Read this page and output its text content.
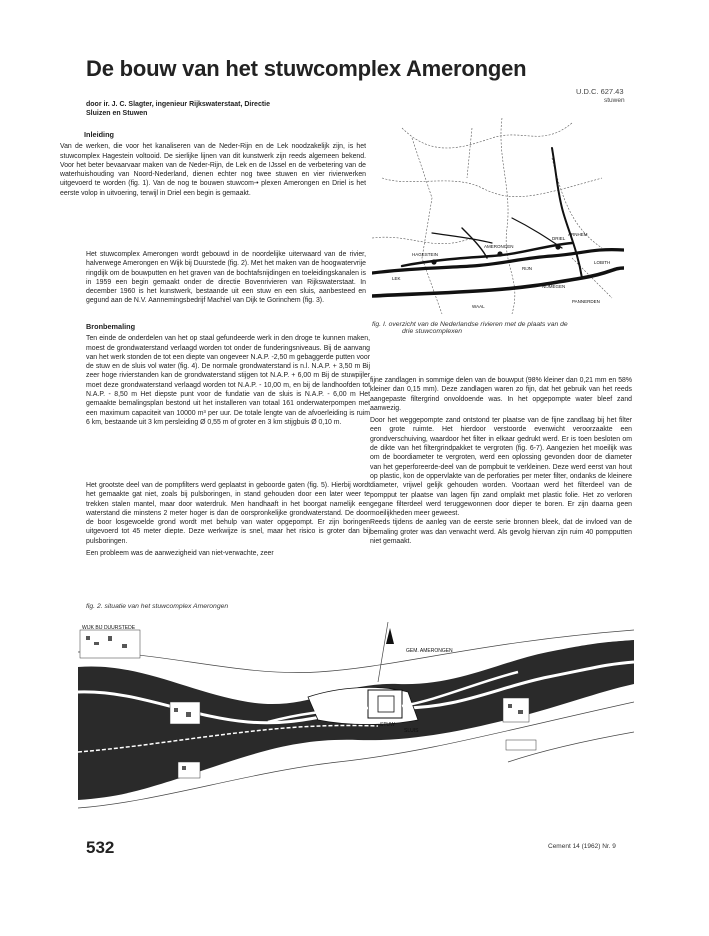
De bouw van het stuwcomplex Amerongen
U.D.C. 627.43
stuwen
door ir. J. C. Slagter, ingenieur Rijkswaterstaat, Directie
Sluizen en Stuwen
Inleiding

Van de werken, die voor het kanaliseren van de Neder-Rijn en de Lek noodzakelijk zijn, is het stuwcomplex Hagestein voltooid. De sierlijke lijnen van dit kunstwerk zijn reeds algemeen bekend. Voor het beter bevaarvaar maken van de Neder-Rijn, de Lek en de IJssel en de verbetering van de waterhuishouding van Noord-Nederland, dienen echter nog twee stuwen en vier rivierwerken uitgevoerd te worden (fig. 1). Van de nog te bouwen stuwcom-• plexen Amerongen en Driel is het eerste volop in uitvoering, terwijl in Driel een begin is gemaakt.

Het stuwcomplex Amerongen wordt gebouwd in de noordelijke uiterwaard van de rivier, halverwege Amerongen en Wijk bij Duurstede (fig. 2). Met het maken van de hoogwatervrije ringdijk om de bouwputten en het graven van de bochtafsnijdingen en toeleidingskanalen is in 1959 een begin gemaakt onder de directie Bovenrivieren van Rijkswaterstaat. In december 1960 is het kunstwerk, bestaande uit een stuw en een sluis, aanbesteed en gegund aan de N.V. Aannemingsbedrijf Machiel van Dijk te Gorinchem (fig. 3).

Bronbemaling

Ten einde de onderdelen van het op staal gefundeerde werk in den droge te kunnen maken, moest de grondwaterstand verlaagd worden tot onder de funderingsniveaus. Bij de aanvang van het werk stonden de tot een diepte van ongeveer N.A.P. -2,50 m gebaggerde putten voor de stuw en de sluis vol water (fig. 4). De normale grondwaterstand is n.l. N.A.P. + 3,50 m Bij zeer hoge rivierstanden kan de grondwaterstand stijgen tot N.A.P. + 6,00 m Bij de stuwpijler moet deze grondwaterstand verlaagd worden tot N.A.P. - 10,00 m, en bij de landhoofden tot N.A.P. - 8,50 m Het diepste punt voor de fundatie van de sluis is N.A.P. - 6,00 m Het gemaakte bemalingsplan bestond uit het installeren van totaal 161 onderwaterpompen met een maximum capaciteit van 10000 m³ per uur. De totale lengte van de afvoerleiding is ruim 6 km, bestaande uit 3 km persleiding Ø 0,55 m of groter en 3 km stijgbuis Ø 0,10 m.

Het grootste deel van de pompfilters werd geplaatst in geboorde gaten (fig. 5). Hierbij wordt het gemaakte gat niet, zoals bij pulsboringen, in stand gehouden door een later weer te trekken stalen mantel, maar door waterdruk. Men handhaaft in het boorgat namelijk een waterstand die minstens 2 meter hoger is dan de oorspronkelijke grondwaterstand. De door de boor losgewoelde grond wordt met behulp van water opgepompt. Er zijn boringen uitgevoerd tot 45 meter diepte. Deze werkwijze is snel, maar het risico is groter dan bij pulsboringen.

Een probleem was de aanwezigheid van niet-verwachte, zeer

HAGESTEIN
AMERONGEN
DRIEL
ARNHEM
NIJMEGEN
LOBITH
PANNERDEN
WAAL
RIJN
LEK
fig. I. overzicht van de Nederlandse rivieren met de plaats van de
drie stuwcomplexen

fijne zandlagen in sommige delen van de bouwput (98% kleiner dan 0,21 mm en 58% kleiner dan 0,15 mm). Deze zandlagen waren zo fijn, dat het gebruik van het reeds aangepaste filtergrind onvoldoende was. In het opgepompte water bleef zand aanwezig.

Door het weggepompte zand ontstond ter plaatse van de fijne zandlaag bij het filter een grote ruimte. Het hierdoor verstoorde evenwicht veroorzaakte een grondverschuiving, waardoor het filter in elkaar gedrukt werd. Er is toen besloten om de dikte van het filtergrindpakket te vergroten (fig. 6-7). Aangezien het moeilijk was om de boordiameter te vergroten, werd een oplossing gevonden door de diameter van het geperforeerde-deel van de pompbuit te verkleinen. Deze werd eerst van hout op plastic, kon de oppervlakte van de perforaties per meter filter, ondanks de kleinere diameter, vrijwel gelijk gehouden worden. Voortaan werd het filterdeel van de pompput ter plaatse van lagen fijn zand omplakt met plastic folie. Het zo verloren gegane filterdeel werd teruggewonnen door dieper te boren. Er zijn daarna geen moeilijkheden meer geweest.

Reeds tijdens de aanleg van de eerste serie bronnen bleek, dat de invloed van de bemaling groter was dan verwacht werd. Als gevolg hiervan zijn ruim 40 pompputten niet gemaakt.

fig. 2. situatie van het stuwcomplex Amerongen
WIJK BIJ DUURSTEDE
GEM. AMERONGEN
STUW
SLUIS
532	Cement 14 (1962) Nr. 9
